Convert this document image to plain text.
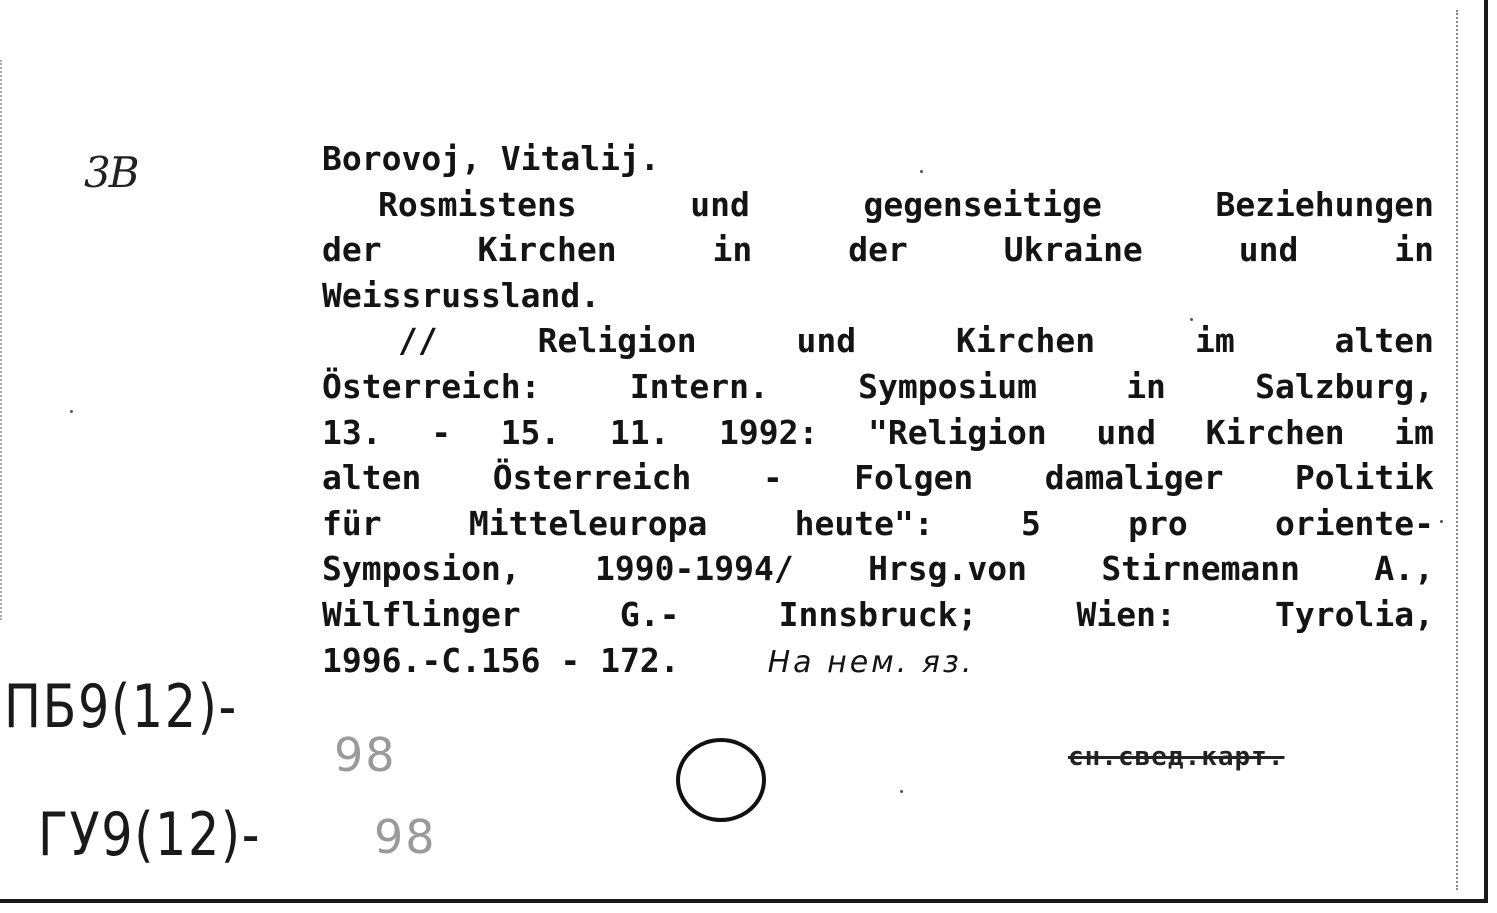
3B	Borovoj, Vitalij.
Rosmistens und gegenseitige Beziehungen
der Kirchen in der Ukraine und in
Weissrussland.
// Religion und Kirchen im alten
Österreich: Intern. Symposium in Salzburg,
13. - 15. 11. 1992: "Religion und Kirchen im
alten Österreich - Folgen damaliger Politik
für Mitteleuropa heute": 5 pro oriente-
Symposion, 1990-1994/ Hrsg.von Stirnemann A.,
Wilflinger G.- Innsbruck; Wien: Tyrolia,
1996.-C.156 - 172.	На нем. яз.
сн.свед.карт.
ПБ9(12)-
98
ГУ9(12)- 98
